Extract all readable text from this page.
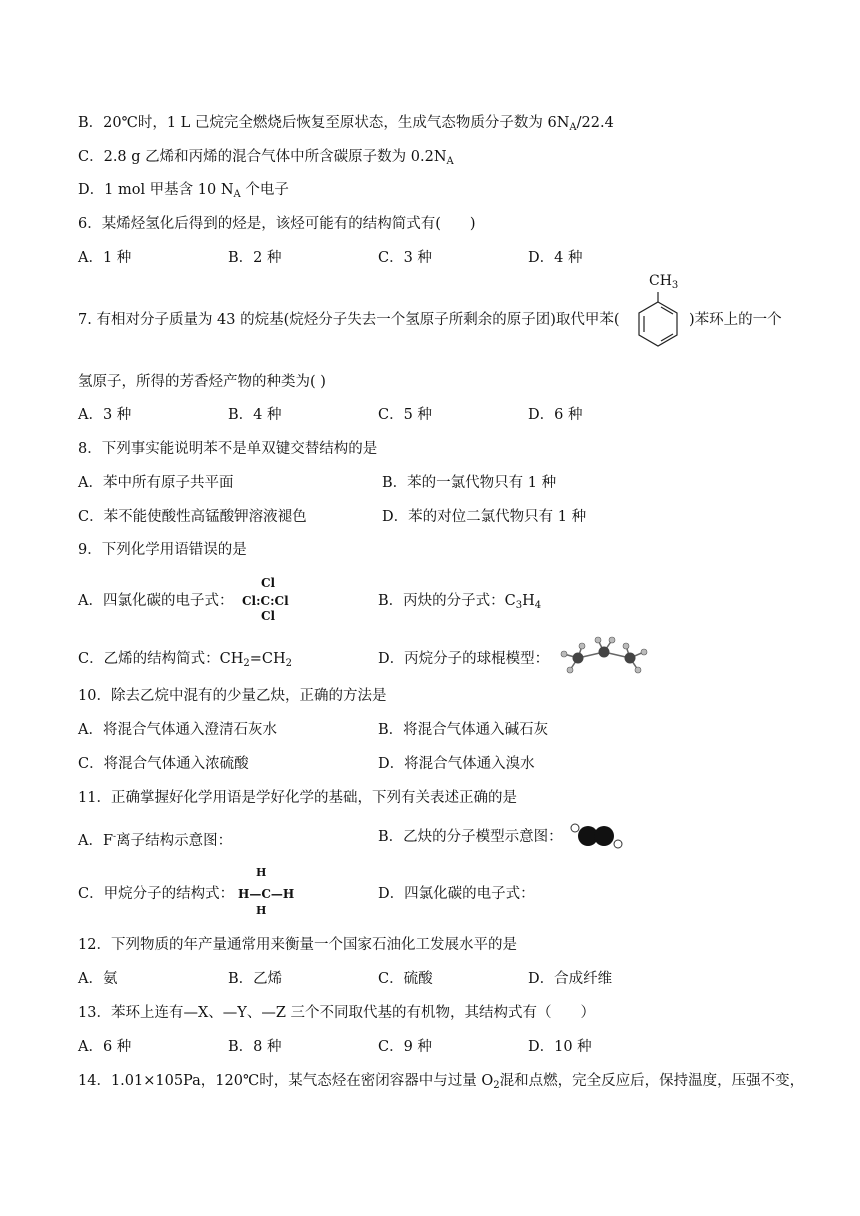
B．20℃时，1 L 己烷完全燃烧后恢复至原状态，生成气态物质分子数为 $6N_A/22.4$
C．2.8 g 乙烯和丙烯的混合气体中所含碳原子数为 $0.2N_A$
D．1 mol 甲基含 10 $N_A$ 个电子
6．某烯烃氢化后得到的烃是，该烃可能有的结构简式有(　　)
A．1 种	B．2 种	C．3 种	D．4 种
7. 有相对分子质量为 43 的烷基(烷烃分子失去一个氢原子所剩余的原子团)取代甲苯(	)苯环上的一个
$CH_3$
氢原子，所得的芳香烃产物的种类为( )
A．3 种	B．4 种	C．5 种	D．6 种
8．下列事实能说明苯不是单双键交替结构的是
A．苯中所有原子共平面	B．苯的一氯代物只有 1 种
C．苯不能使酸性高锰酸钾溶液褪色	D．苯的对位二氯代物只有 1 种
9．下列化学用语错误的是
A．四氯化碳的电子式：
Cl
Cl:C:Cl
Cl
B．丙炔的分子式：$C_3H_4$
C．乙烯的结构简式：$CH_2=CH_2$	D．丙烷分子的球棍模型：
10．除去乙烷中混有的少量乙炔，正确的方法是
A．将混合气体通入澄清石灰水	B．将混合气体通入碱石灰
C．将混合气体通入浓硫酸	D．将混合气体通入溴水
11．正确掌握好化学用语是学好化学的基础，下列有关表述正确的是
A．F-离子结构示意图：	B．乙炔的分子模型示意图：
C．甲烷分子的结构式：
H
H—C—H
H
D．四氯化碳的电子式：
12．下列物质的年产量通常用来衡量一个国家石油化工发展水平的是
A．氨	B．乙烯	C．硫酸	D．合成纤维
13．苯环上连有—X、—Y、—Z 三个不同取代基的有机物，其结构式有（　　）
A．6 种	B．8 种	C．9 种	D．10 种
14．1.01×105Pa，120℃时，某气态烃在密闭容器中与过量 $O_2$混和点燃，完全反应后，保持温度，压强不变，
